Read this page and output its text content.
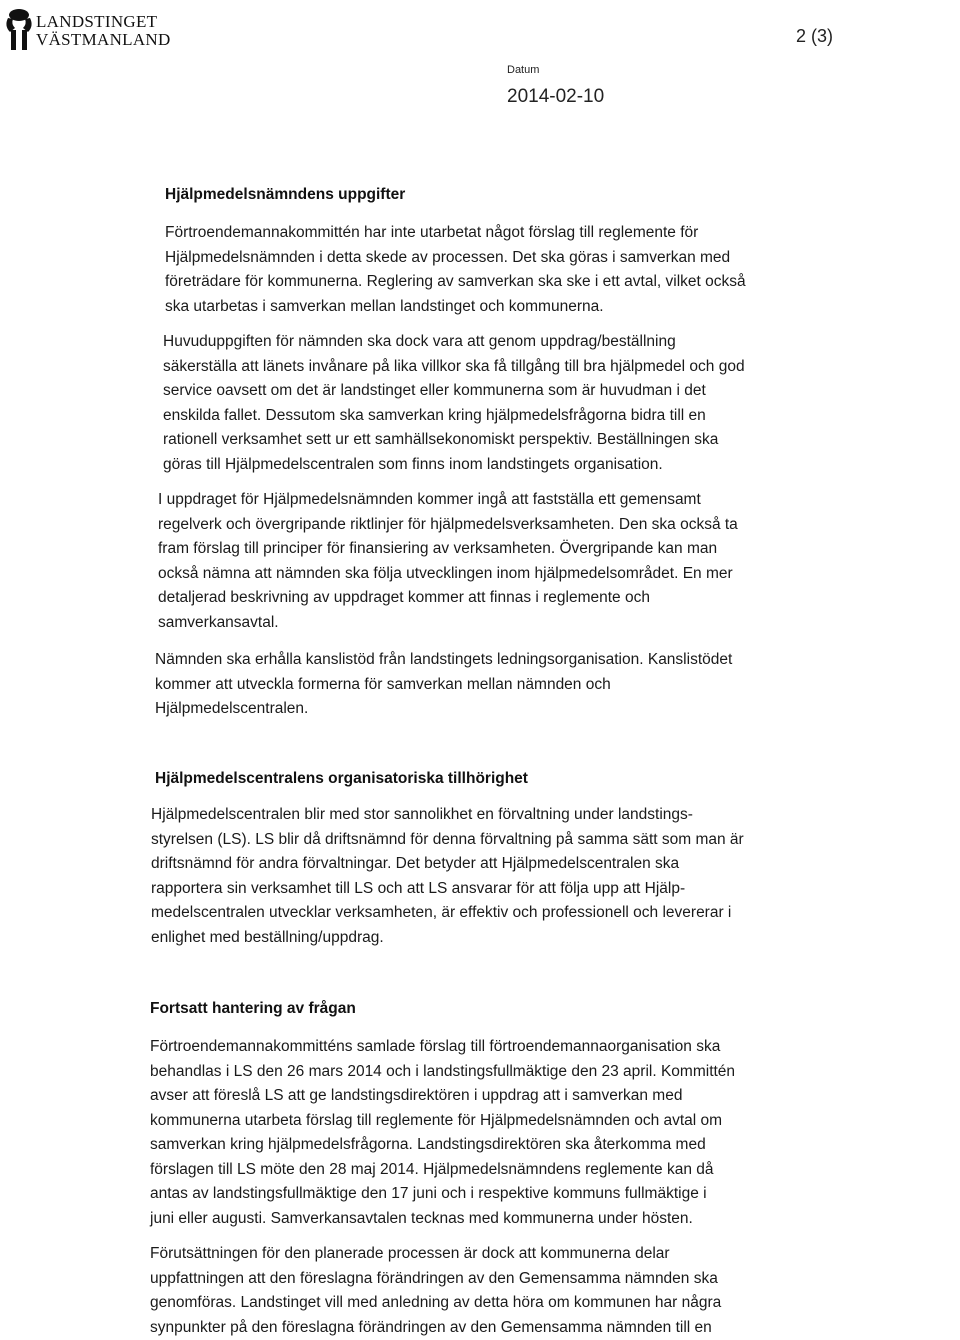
LANDSTINGET
VÄSTMANLAND	2 (3)
Datum
2014-02-10
Hjälpmedelsnämndens uppgifter
Förtroendemannakommittén har inte utarbetat något förslag till reglemente för
Hjälpmedelsnämnden i detta skede av processen. Det ska göras i samverkan med
företrädare för kommunerna. Reglering av samverkan ska ske i ett avtal, vilket också
ska utarbetas i samverkan mellan landstinget och kommunerna.
Huvuduppgiften för nämnden ska dock vara att genom uppdrag/beställning
säkerställa att länets invånare på lika villkor ska få tillgång till bra hjälpmedel och god
service oavsett om det är landstinget eller kommunerna som är huvudman i det
enskilda fallet. Dessutom ska samverkan kring hjälpmedelsfrågorna bidra till en
rationell verksamhet sett ur ett samhällsekonomiskt perspektiv. Beställningen ska
göras till Hjälpmedelscentralen som finns inom landstingets organisation.
I uppdraget för Hjälpmedelsnämnden kommer ingå att fastställa ett gemensamt
regelverk och övergripande riktlinjer för hjälpmedelsverksamheten. Den ska också ta
fram förslag till principer för finansiering av verksamheten. Övergripande kan man
också nämna att nämnden ska följa utvecklingen inom hjälpmedelsområdet. En mer
detaljerad beskrivning av uppdraget kommer att finnas i reglemente och
samverkansavtal.
Nämnden ska erhålla kanslistöd från landstingets ledningsorganisation. Kanslistödet
kommer att utveckla formerna för samverkan mellan nämnden och
Hjälpmedelscentralen.
Hjälpmedelscentralens organisatoriska tillhörighet
Hjälpmedelscentralen blir med stor sannolikhet en förvaltning under landstings-
styrelsen (LS). LS blir då driftsnämnd för denna förvaltning på samma sätt som man är
driftsnämnd för andra förvaltningar. Det betyder att Hjälpmedelscentralen ska
rapportera sin verksamhet till LS och att LS ansvarar för att följa upp att Hjälp-
medelscentralen utvecklar verksamheten, är effektiv och professionell och levererar i
enlighet med beställning/uppdrag.
Fortsatt hantering av frågan
Förtroendemannakommitténs samlade förslag till förtroendemannaorganisation ska
behandlas i LS den 26 mars 2014 och i landstingsfullmäktige den 23 april. Kommittén
avser att föreslå LS att ge landstingsdirektören i uppdrag att i samverkan med
kommunerna utarbeta förslag till reglemente för Hjälpmedelsnämnden och avtal om
samverkan kring hjälpmedelsfrågorna. Landstingsdirektören ska återkomma med
förslagen till LS möte den 28 maj 2014. Hjälpmedelsnämndens reglemente kan då
antas av landstingsfullmäktige den 17 juni och i respektive kommuns fullmäktige i
juni eller augusti. Samverkansavtalen tecknas med kommunerna under hösten.
Förutsättningen för den planerade processen är dock att kommunerna delar
uppfattningen att den föreslagna förändringen av den Gemensamma nämnden ska
genomföras. Landstinget vill med anledning av detta höra om kommunen har några
synpunkter på den föreslagna förändringen av den Gemensamma nämnden till en
